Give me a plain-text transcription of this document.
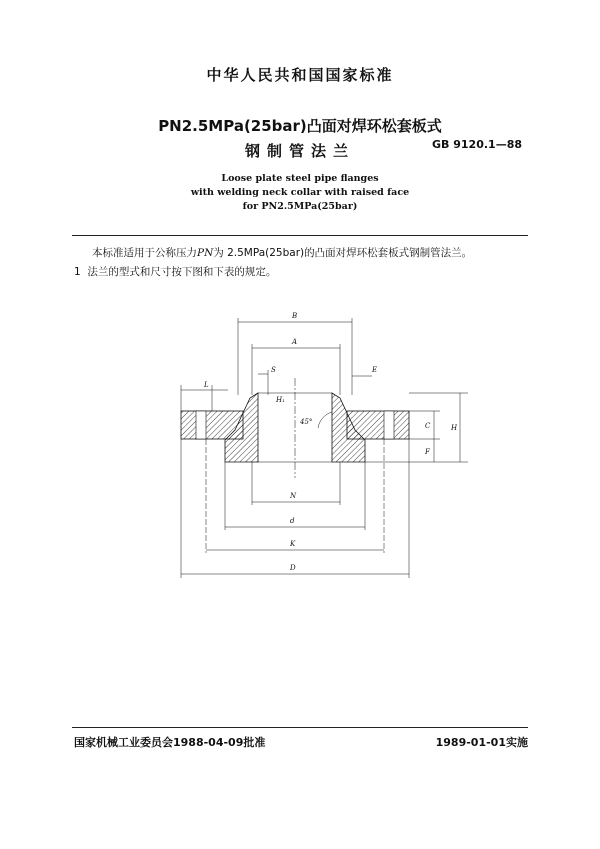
中华人民共和国国家标准
PN2.5MPa(25bar)凸面对焊环松套板式
钢制管法兰	GB 9120.1—88
Loose plate steel pipe flanges
with welding neck collar with raised face
for PN2.5MPa(25bar)
本标准适用于公称压力PN为 2.5MPa(25bar)的凸面对焊环松套板式钢制管法兰。
1 法兰的型式和尺寸按下图和下表的规定。
B
A
S	E
L
H₁
45°	C	H
F
N
d
K
D
国家机械工业委员会1988-04-09批准	1989-01-01实施
